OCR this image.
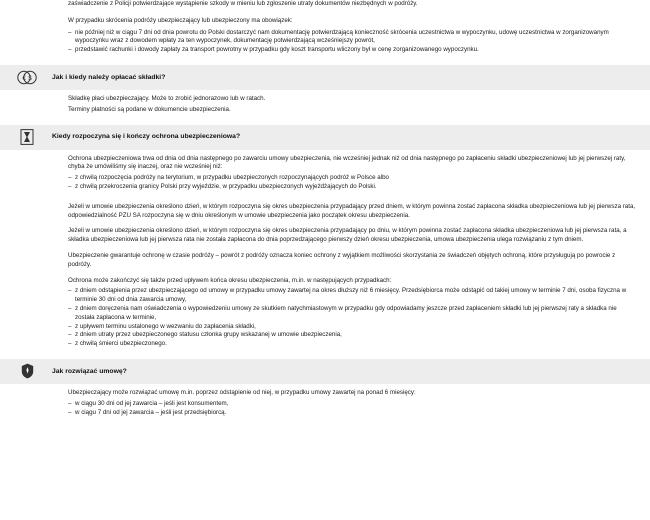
zaświadczenie z Policji potwierdzające wystąpienie szkody w mieniu lub zgłoszenie utraty dokumentów niezbędnych w podróży.

W przypadku skrócenia podróży ubezpieczający lub ubezpieczony ma obowiązek:

– nie później niż w ciągu 7 dni od dnia powrotu do Polski dostarczyć nam dokumentację potwierdzającą konieczność skrócenia uczestnictwa w wypoczynku, udowę uczestnictwa w zorganizowanym wypoczynku wraz z dowodem wpłaty za ten wypoczynek, dokumentację potwierdzającą wcześniejszy powrót,
– przedstawić rachunki i dowody zapłaty za transport powrotny w przypadku gdy koszt transportu wliczony był w cenę zorganizowanego wypoczynku.
€ $	Jak i kiedy należy opłacać składki?

Składkę płaci ubezpieczający. Może to zrobić jednorazowo lub w ratach.

Terminy płatności są podane w dokumencie ubezpieczenia.

Kiedy rozpoczyna się i kończy ochrona ubezpieczeniowa?

Ochrona ubezpieczeniowa trwa od dnia od dnia następnego po zawarciu umowy ubezpieczenia, nie wcześniej jednak niż od dnia następnego po zapłaceniu składki ubezpieczeniowej lub jej pierwszej raty, chyba że umówiliśmy się inaczej, oraz nie wcześniej niż:

– z chwilą rozpoczęcia podróży na terytorium, w przypadku ubezpieczonych rozpoczynających podróż w Polsce albo
– z chwilą przekroczenia granicy Polski przy wyjeździe, w przypadku ubezpieczonych wyjeżdżających do Polski.

Jeżeli w umowie ubezpieczenia określono dzień, w którym rozpoczyna się okres ubezpieczenia przypadający przed dniem, w którym powinna zostać zapłacona składka ubezpieczeniowa lub jej pierwsza rata, odpowiedzialność PZU SA rozpoczyna się w dniu określonym w umowie ubezpieczenia jako początek okresu ubezpieczenia.

Jeżeli w umowie ubezpieczenia określono dzień, w którym rozpoczyna się okres ubezpieczenia przypadający po dniu, w którym powinna zostać zapłacona składka ubezpieczeniowa lub jej pierwsza rata, a składka ubezpieczeniowa lub jej pierwsza rata nie została zapłacona do dnia poprzedzającego pierwszy dzień okresu ubezpieczenia, umowa ubezpieczenia ulega rozwiązaniu z tym dniem.

Ubezpieczenie gwarantuje ochronę w czasie podróży – powrót z podróży oznacza koniec ochrony z wyjątkiem możliwości skorzystania ze świadczeń objętych ochroną, które przysługują po powrocie z podróży.

Ochrona może zakończyć się także przed upływem końca okresu ubezpieczenia, m.in. w następujących przypadkach:

– z dniem odstąpienia przez ubezpieczającego od umowy w przypadku umowy zawartej na okres dłuższy niż 6 miesięcy. Przedsiębiorca może odstąpić od takiej umowy w terminie 7 dni, osoba fizyczna w terminie 30 dni od dnia zawarcia umowy,
– z dniem doręczenia nam oświadczenia o wypowiedzeniu umowy ze skutkiem natychmiastowym w przypadku gdy odpowiadamy jeszcze przed zapłaceniem składki lub jej pierwszej raty a składka nie została zapłacona w terminie,
– z upływem terminu ustalonego w wezwaniu do zapłacenia składki,
– z dniem utraty przez ubezpieczonego statusu członka grupy wskazanej w umowie ubezpieczenia,
– z chwilą śmierci ubezpieczonego.
Jak rozwiązać umowę?

Ubezpieczający może rozwiązać umowę m.in. poprzez odstąpienie od niej, w przypadku umowy zawartej na ponad 6 miesięcy:

– w ciągu 30 dni od jej zawarcia – jeśli jest konsumentem,
– w ciągu 7 dni od jej zawarcia – jeśli jest przedsiębiorcą.
